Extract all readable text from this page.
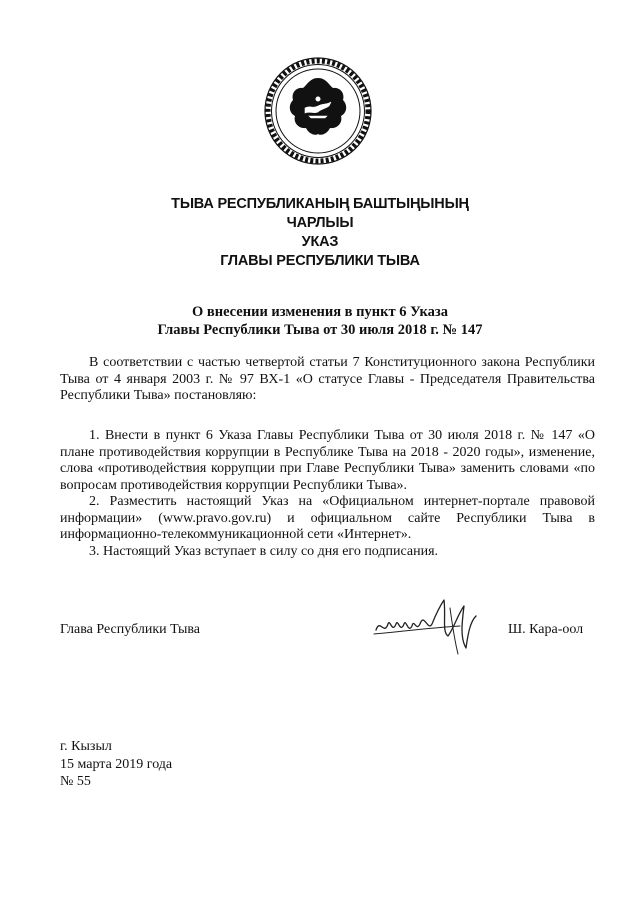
ТЫВА РЕСПУБЛИКАНЫҢ БАШТЫҢЫНЫҢ
ЧАРЛЫЫ
УКАЗ
ГЛАВЫ РЕСПУБЛИКИ ТЫВА
О внесении изменения в пункт 6 Указа
Главы Республики Тыва от 30 июля 2018 г. № 147
В соответствии с частью четвертой статьи 7 Конституционного закона Республики Тыва от 4 января 2003 г. № 97 ВХ-1 «О статусе Главы - Председателя Правительства Республики Тыва» постановляю:
1. Внести в пункт 6 Указа Главы Республики Тыва от 30 июля 2018 г. № 147 «О плане противодействия коррупции в Республике Тыва на 2018 - 2020 годы», изменение, слова «противодействия коррупции при Главе Республики Тыва» заменить словами «по вопросам противодействия коррупции Республики Тыва».
2. Разместить настоящий Указ на «Официальном интернет-портале правовой информации» (www.pravo.gov.ru) и официальном сайте Республики Тыва в информационно-телекоммуникационной сети «Интернет».
3. Настоящий Указ вступает в силу со дня его подписания.
Глава Республики Тыва	Ш. Кара-оол
г. Кызыл
15 марта 2019 года
№ 55
